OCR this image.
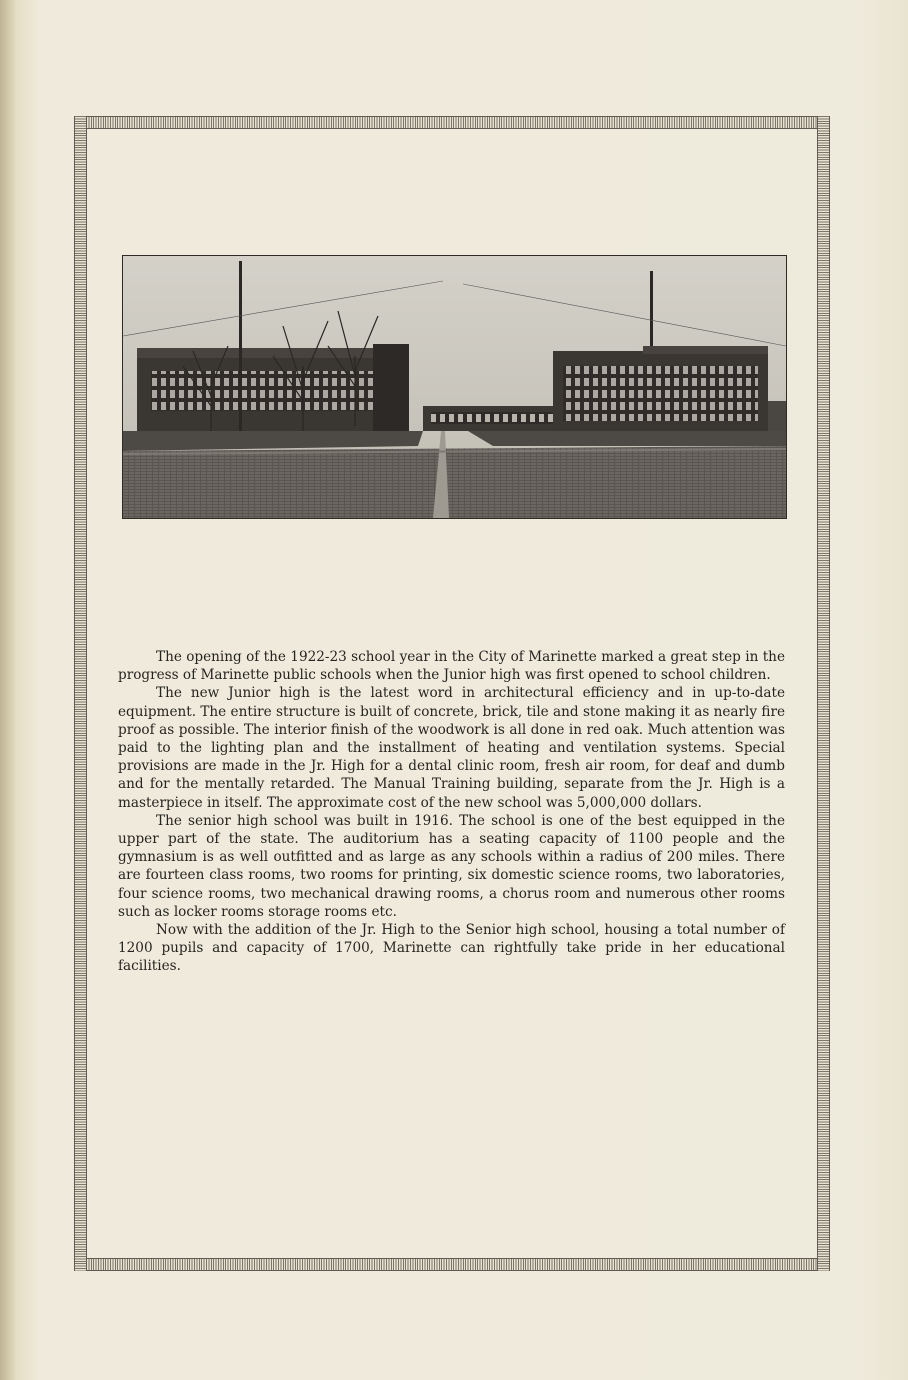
The opening of the 1922-23 school year in the City of Marinette marked a great step in the progress of Marinette public schools when the Junior high was first opened to school children.

The new Junior high is the latest word in architectural efficiency and in up-to-date equipment. The entire structure is built of concrete, brick, tile and stone making it as nearly fire proof as possible. The interior finish of the woodwork is all done in red oak. Much attention was paid to the lighting plan and the installment of heating and ventilation systems. Special provisions are made in the Jr. High for a dental clinic room, fresh air room, for deaf and dumb and for the mentally retarded. The Manual Training building, separate from the Jr. High is a masterpiece in itself. The approximate cost of the new school was 5,000,000 dollars.

The senior high school was built in 1916. The school is one of the best equipped in the upper part of the state. The auditorium has a seating capacity of 1100 people and the gymnasium is as well outfitted and as large as any schools within a radius of 200 miles. There are fourteen class rooms, two rooms for printing, six domestic science rooms, two laboratories, four science rooms, two mechanical drawing rooms, a chorus room and numerous other rooms such as locker rooms storage rooms etc.

Now with the addition of the Jr. High to the Senior high school, housing a total number of 1200 pupils and capacity of 1700, Marinette can rightfully take pride in her educational facilities.
